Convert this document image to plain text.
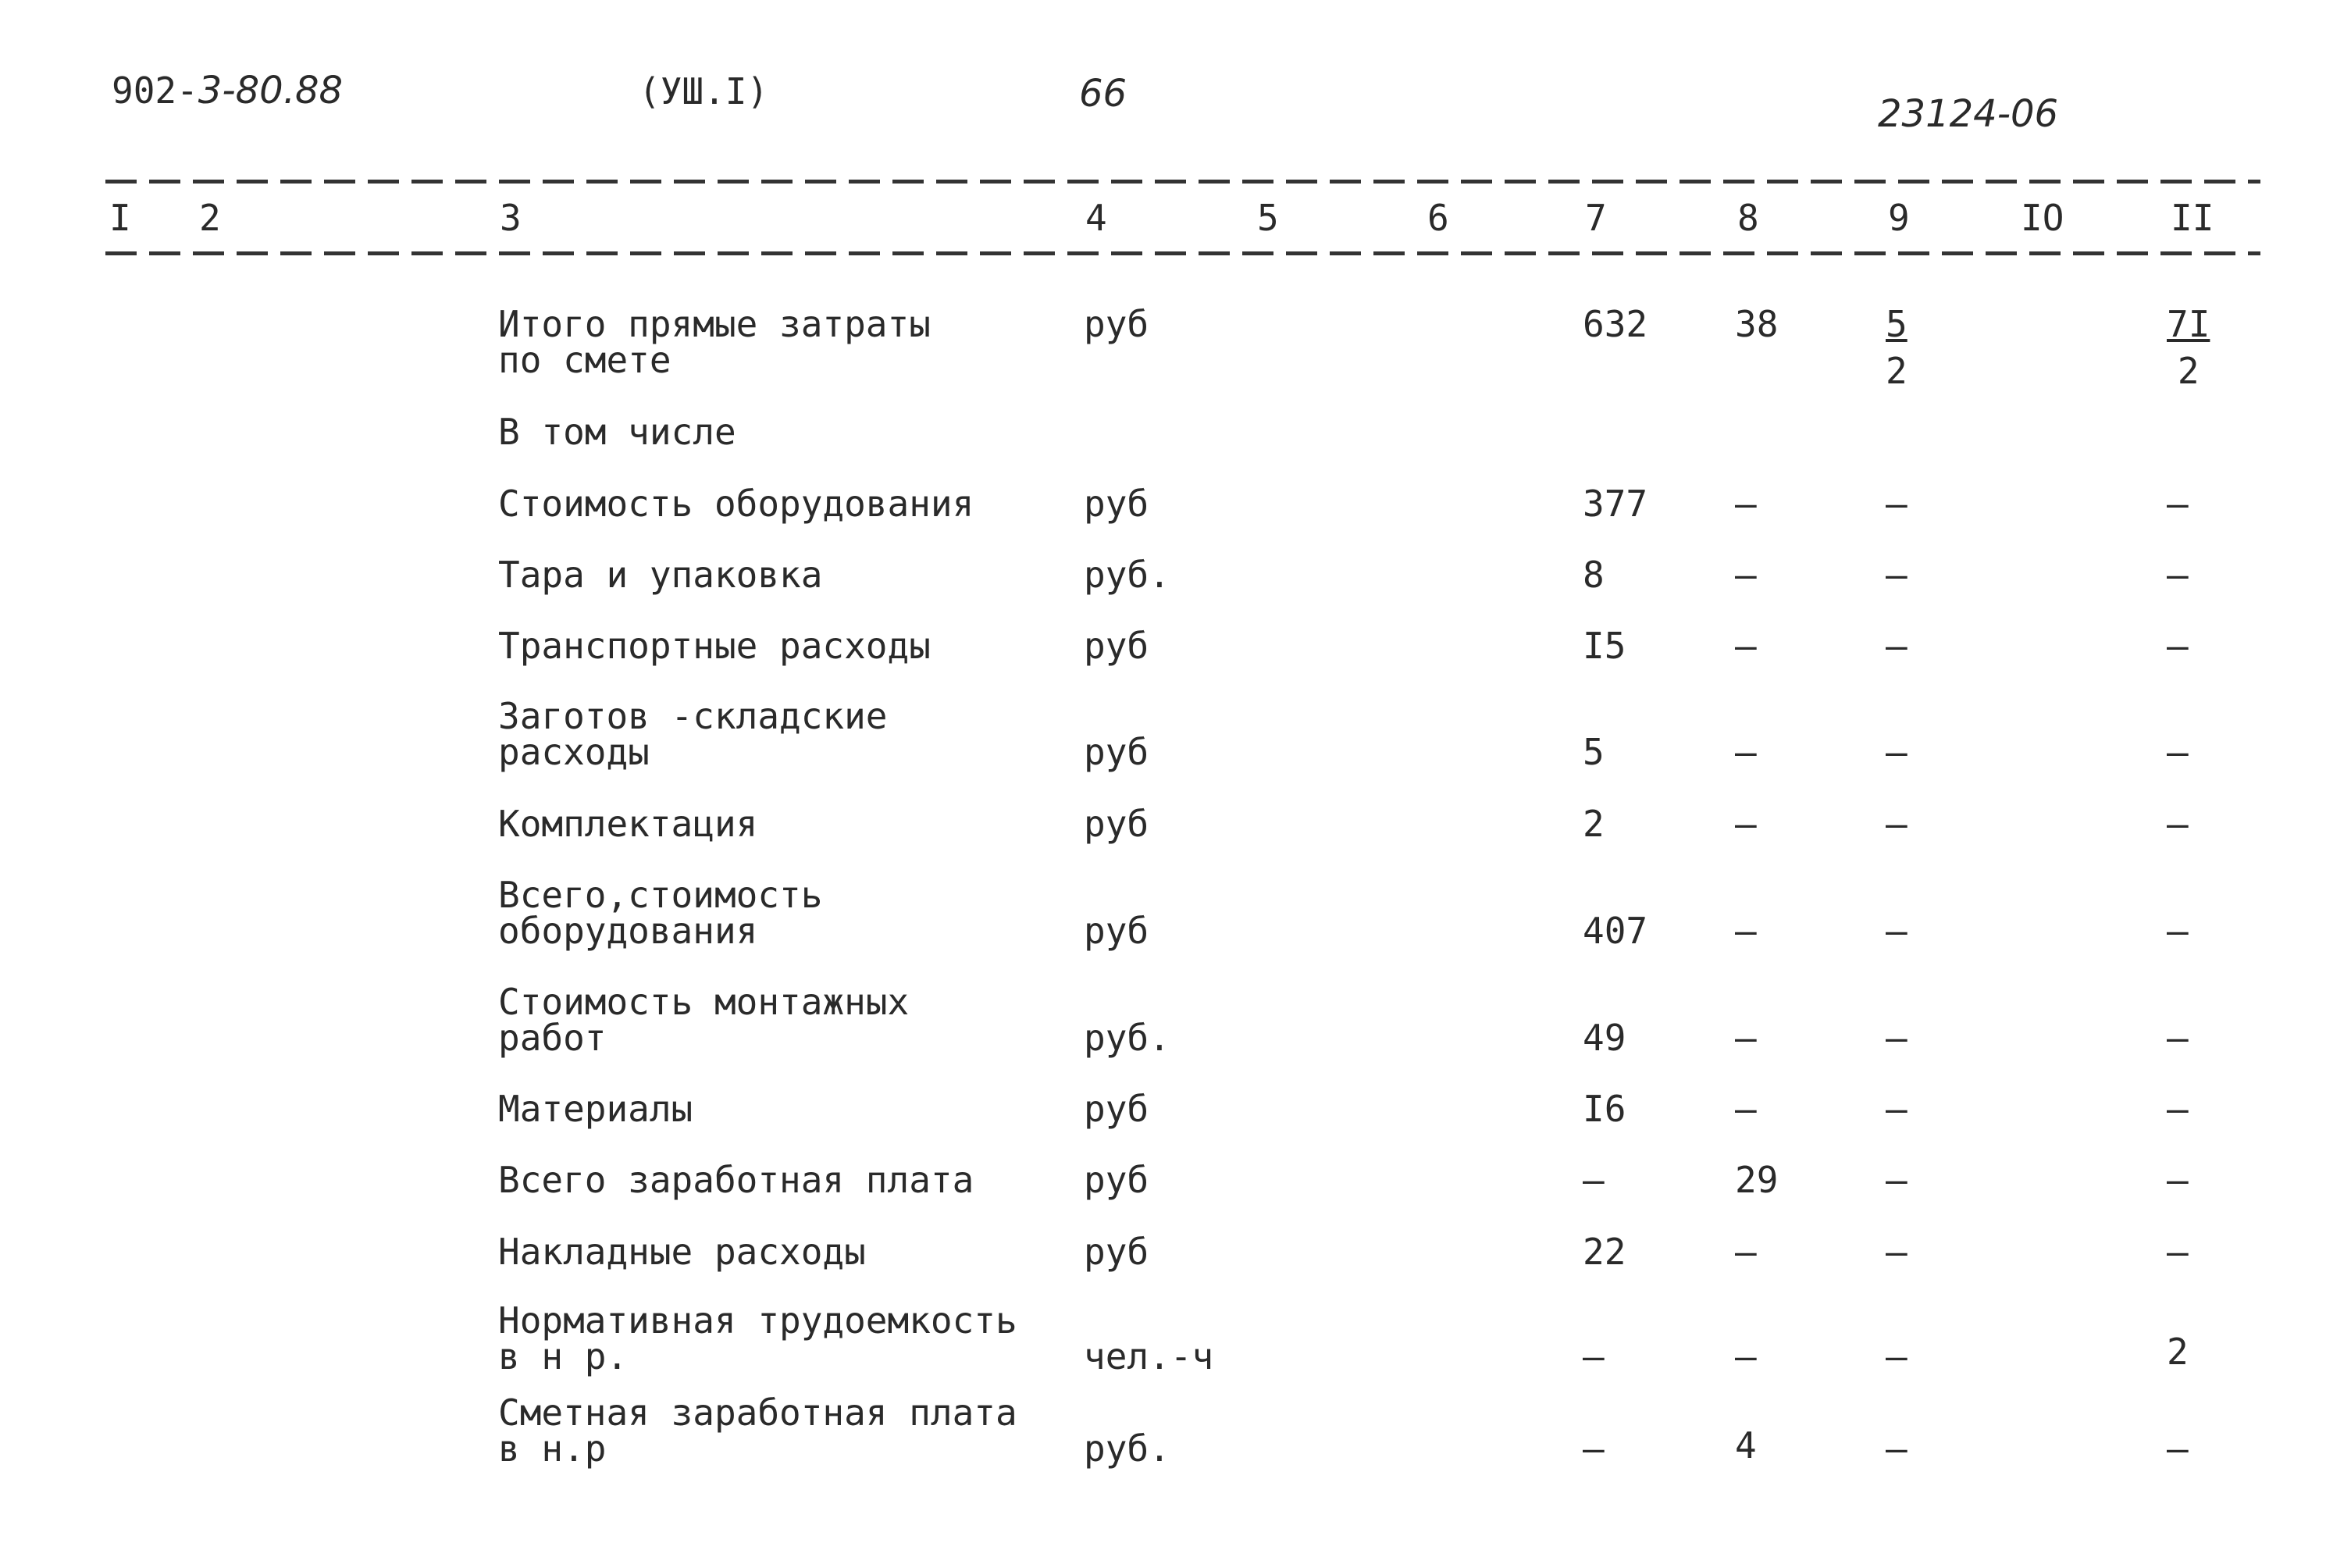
902-3-80.88	(УШ.I)	66	23124-06
I 2	3	4	5	6	7	8	9	IO	II
Итого прямые затраты
по смете
руб	632 38	$\frac{5}{2}$	$\frac{7I}{2}$
В том числе
Стоимость оборудования	руб	377 –	–	–
Тара и упаковка	руб.	8	–	–	–
Транспортные расходы	руб	I5	–	–	–
Заготов -складские
расходы	руб	5	–	–	–
Комплектация	руб	2	–	–	–
Всего,стоимость
оборудования	руб	407 –	–	–
Стоимость монтажных
работ	руб.	49	–	–	–
Материалы	руб	I6	–	–	–
Всего заработная плата	руб	–	29	–	–
Накладные расходы	руб	22	–	–	–
Нормативная трудоемкость
в н р.	чел.-ч	–	–	–	2
Сметная заработная плата
в н.р	руб.	–	4	–	–
